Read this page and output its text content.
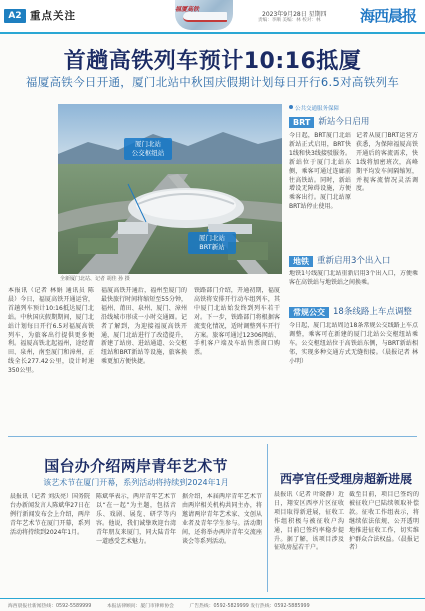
A2 重点关注
福厦高铁
2023年9月28日 星期四
责编：李顺 美编：林 校对：林	海西晨报
首趟高铁列车预计10:16抵厦
福厦高铁今日开通，厦门北站中秋国庆假期计划每日开行6.5对高铁列车
厦门北站
公交枢纽站
厦门北站
BRT新站
全新厦门北站、记者 胡佳 孙 摄
公共交通服务保障
BRT 新站今日启用
今日起，BRT厦门北站新站正式启用，BRT快1线和快3线接驳服务。新站位于厦门北站东侧，乘客可通过连廊前往高铁站。同时，新站增设无障碍设施，方便乘客出行。厦门北站原BRT站停止使用。
记者从厦门BRT运营方获悉，为保障福厦高铁开通后的客流需求，快1线将加密班次，高峰期平均发车间隔缩短，并视客流情况灵活调度。
地铁 重新启用3个出入口
地铁1号线厦门北站重新启用3个出入口，方便乘客在高铁站与地铁站之间换乘。
常规公交 18条线路上车点调整
今日起，厦门北站周边18条常规公交线路上车点调整，乘客可在新建的厦门北站公交枢纽站乘车。公交枢纽站位于高铁站东侧，与BRT新站相邻，实现多种交通方式无缝衔接。（晨报记者 林小明）
本报讯（记者 林娟 通讯员 陈晨）今日，福厦高铁开通运营，首趟列车预计10:16抵达厦门北站。中秋国庆假期期间，厦门北站计划每日开行6.5对福厦高铁列车，为旅客出行提供更多便利。福厦高铁北起福州，途经莆田、泉州，南至厦门和漳州，正线全长277.42公里，设计时速350公里。
福厦高铁开通后，福州至厦门的最快旅行时间将缩短至55分钟，福州、莆田、泉州、厦门、漳州沿线城市形成一小时交通圈。记者了解到，为迎接福厦高铁开通，厦门北站进行了改造提升，新建了站房、进站通道、公交枢纽站和BRT新站等设施，旅客换乘更加方便快捷。
铁路部门介绍，开通初期，福厦高铁将安排开行动车组列车，其中厦门北站始发终到列车若干对。下一步，铁路部门将根据客流变化情况，适时调整列车开行方案。旅客可通过12306网站、手机客户端及车站售票窗口购票。
国台办介绍两岸青年艺术节
该艺术节在厦门开幕，系列活动将持续到2024年1月
晨报讯（记者 刘沃亮）国务院台办新闻发言人陈斌华27日在例行新闻发布会上介绍，两岸青年艺术节在厦门开幕，系列活动将持续到2024年1月。
陈斌华表示，两岸青年艺术节以“在一起”为主题，包括音乐、戏剧、展览、研学等内容。他说，我们诚挚欢迎台湾青年朋友来厦门，同大陆青年一道感受艺术魅力。
据介绍，本届两岸青年艺术节由两岸相关机构共同主办，将邀请两岸青年艺术家、文创从业者及青年学生参与。活动期间，还将举办两岸青年交流座谈会等系列活动。
西亭官任受理房超新进展
晨报讯（记者 叶晓静）近日，翔安区西亭片区征收项目取得新进展，征收工作组积极与被征收户沟通，目前已签约率稳步提升。据了解，该项目涉及征收房屋若干户。
截至目前，项目已签约的被征收户已陆续领取补偿款。征收工作组表示，将继续依法依规、公开透明地推进征收工作，切实维护群众合法权益。（晨报记者）
海西晨报社新闻热线：0592-5589999	本报法律顾问：厦门市律师协会	广告热线：0592-5829999 发行热线：0592-5885999
